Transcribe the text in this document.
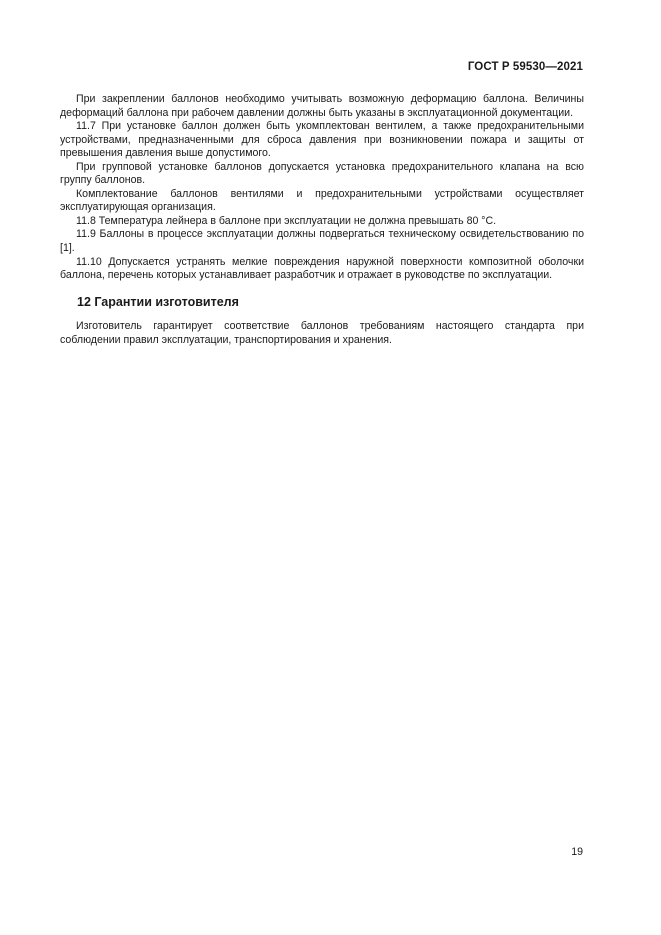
ГОСТ Р 59530—2021

При закреплении баллонов необходимо учитывать возможную деформацию баллона. Величины деформаций баллона при рабочем давлении должны быть указаны в эксплуатационной документации.

11.7 При установке баллон должен быть укомплектован вентилем, а также предохранительными устройствами, предназначенными для сброса давления при возникновении пожара и защиты от превышения давления выше допустимого.

При групповой установке баллонов допускается установка предохранительного клапана на всю группу баллонов.

Комплектование баллонов вентилями и предохранительными устройствами осуществляет эксплуатирующая организация.

11.8 Температура лейнера в баллоне при эксплуатации не должна превышать 80 °С.

11.9 Баллоны в процессе эксплуатации должны подвергаться техническому освидетельствованию по [1].

11.10 Допускается устранять мелкие повреждения наружной поверхности композитной оболочки баллона, перечень которых устанавливает разработчик и отражает в руководстве по эксплуатации.

12 Гарантии изготовителя

Изготовитель гарантирует соответствие баллонов требованиям настоящего стандарта при соблюдении правил эксплуатации, транспортирования и хранения.

19
